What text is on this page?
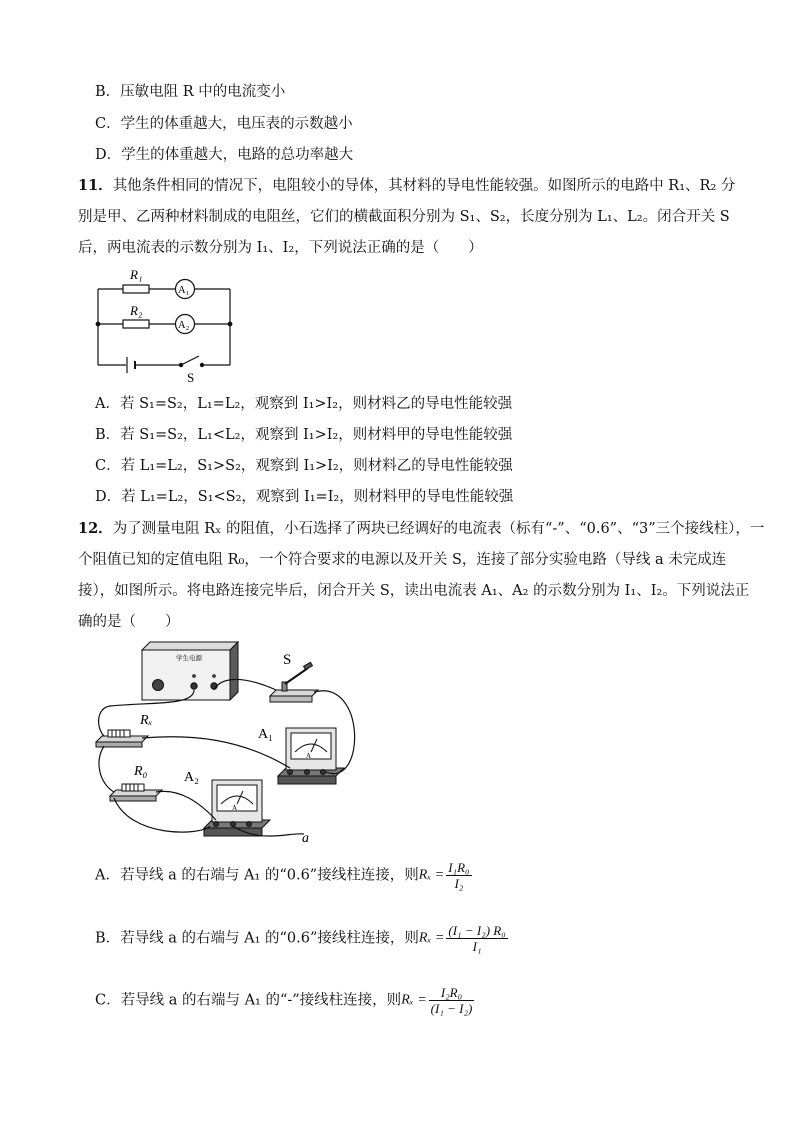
B．压敏电阻 R 中的电流变小
C．学生的体重越大，电压表的示数越小
D．学生的体重越大，电路的总功率越大
11．其他条件相同的情况下，电阻较小的导体，其材料的导电性能较强。如图所示的电路中 R₁、R₂ 分
别是甲、乙两种材料制成的电阻丝，它们的横截面积分别为 S₁、S₂，长度分别为 L₁、L₂。闭合开关 S
后，两电流表的示数分别为 I₁、I₂，下列说法正确的是（　　）
R₁
R₂
A₁
A₂
S
A．若 S₁=S₂，L₁=L₂，观察到 I₁>I₂，则材料乙的导电性能较强
B．若 S₁=S₂，L₁<L₂，观察到 I₁>I₂，则材料甲的导电性能较强
C．若 L₁=L₂，S₁>S₂，观察到 I₁>I₂，则材料乙的导电性能较强
D．若 L₁=L₂，S₁<S₂，观察到 I₁=I₂，则材料甲的导电性能较强
12．为了测量电阻 Rₓ 的阻值，小石选择了两块已经调好的电流表（标有“-”、“0.6”、“3”三个接线柱），一
个阻值已知的定值电阻 R₀，一个符合要求的电源以及开关 S，连接了部分实验电路（导线 a 未完成连
接），如图所示。将电路连接完毕后，闭合开关 S，读出电流表 A₁、A₂ 的示数分别为 I₁、I₂。下列说法正
确的是（　　）
学生电源	S
Rₓ
R₀
A
A₁
A
A₂
a
A．若导线 a 的右端与 A₁ 的“0.6”接线柱连接，则$R_x = \frac{\text{I₁R₀}}{\text{I₂}}$
B．若导线 a 的右端与 A₁ 的“0.6”接线柱连接，则$R_x = \frac{\text{(I₁ − I₂) R₀}}{\text{I₁}}$
C．若导线 a 的右端与 A₁ 的“-”接线柱连接，则$R_x = \frac{\text{I₂R₀}}{\text{(I₁ − I₂)}}$
